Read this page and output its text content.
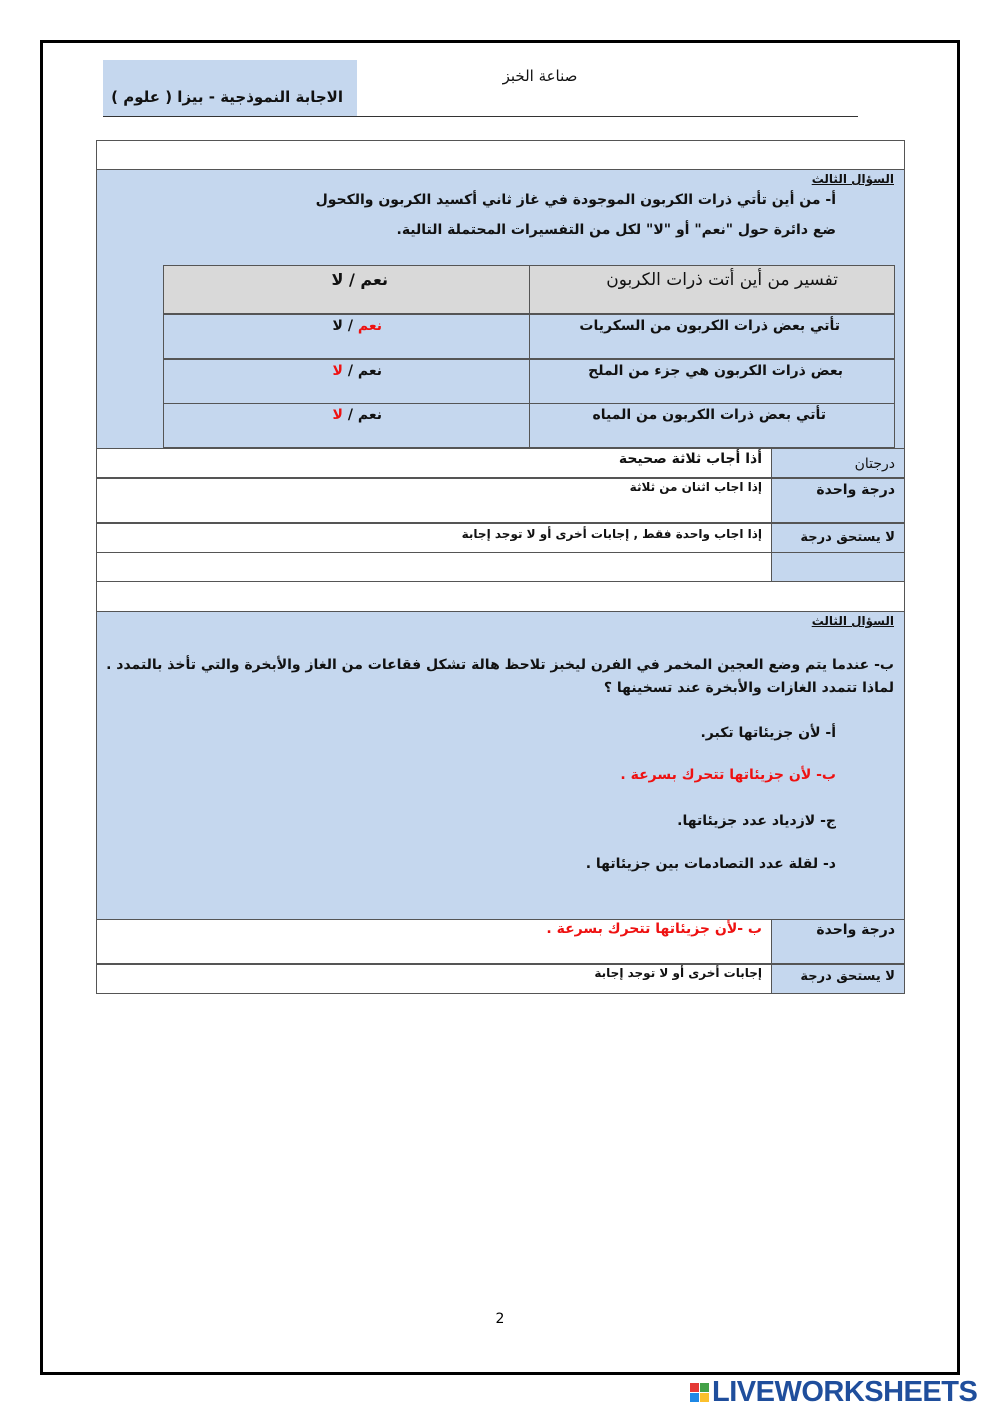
الاجابة النموذجية - بيزا ( علوم )
صناعة الخبز
السؤال الثالث
أ- من أين تأتي ذرات الكربون الموجودة في غاز ثاني أكسيد الكربون والكحول
ضع دائرة حول "نعم" أو "لا" لكل من التفسيرات المحتملة التالية.
تفسير من أين أتت ذرات الكربون
نعم / لا
تأتي بعض ذرات الكربون من السكريات
نعم / لا
بعض ذرات الكربون هي جزء من الملح
نعم / لا
تأتي بعض ذرات الكربون من المياه
نعم / لا
درجتان
أذا أجاب ثلاثة صحيحة
درجة واحدة
إذا اجاب اثنان من ثلاثة
لا يستحق درجة
إذا اجاب واحدة فقط , إجابات أخرى أو لا توجد إجابة
السؤال الثالث
ب- عندما يتم وضع العجين المخمر في الفرن ليخبز تلاحظ هالة تشكل فقاعات من الغاز والأبخرة والتي تأخذ بالتمدد .
لماذا تتمدد الغازات والأبخرة عند تسخينها ؟
أ- لأن جزيئاتها تكبر.
ب- لأن جزيئاتها تتحرك بسرعة .
ج- لازدياد عدد جزيئاتها.
د- لقلة عدد التصادمات بين جزيئاتها .
درجة واحدة
ب -لأن جزيئاتها تتحرك بسرعة .
لا يستحق درجة
إجابات أخرى أو لا توجد إجابة
2
LIVEWORKSHEETS
